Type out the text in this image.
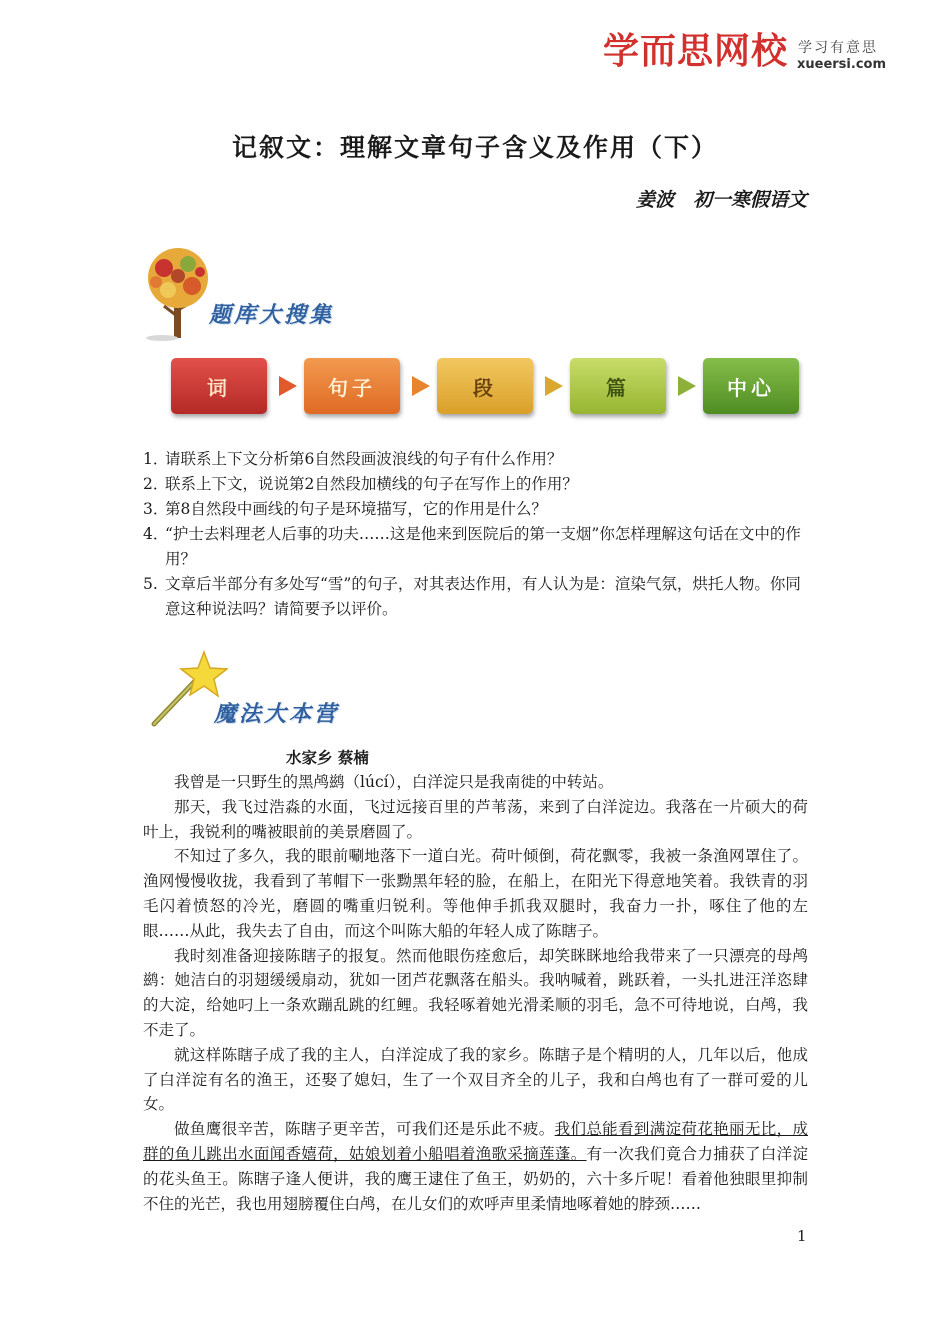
学而思网校 学习有意思
xueersi.com
记叙文：理解文章句子含义及作用（下）
姜波　初一寒假语文
题库大搜集
词	句子	段	篇	中心
1．
请联系上下文分析第6自然段画波浪线的句子有什么作用？
2．
联系上下文，说说第2自然段加横线的句子在写作上的作用？
3．
第8自然段中画线的句子是环境描写，它的作用是什么？
4．
“护士去料理老人后事的功夫……这是他来到医院后的第一支烟”你怎样理解这句话在文中的作用？
5. 文章后半部分有多处写“雪”的句子，对其表达作用，有人认为是：渲染气氛，烘托人物。你同意这种说法吗？请简要予以评价。
魔法大本营
水家乡 蔡楠

我曾是一只野生的黑鸬鹚（lúcí），白洋淀只是我南徙的中转站。

那天，我飞过浩淼的水面，飞过远接百里的芦苇荡，来到了白洋淀边。我落在一片硕大的荷叶上，我锐利的嘴被眼前的美景磨圆了。

不知过了多久，我的眼前唰地落下一道白光。荷叶倾倒，荷花飘零，我被一条渔网罩住了。渔网慢慢收拢，我看到了苇帽下一张黝黑年轻的脸，在船上，在阳光下得意地笑着。我铁青的羽毛闪着愤怒的冷光，磨圆的嘴重归锐利。等他伸手抓我双腿时，我奋力一扑，啄住了他的左眼……从此，我失去了自由，而这个叫陈大船的年轻人成了陈瞎子。

我时刻准备迎接陈瞎子的报复。然而他眼伤痊愈后，却笑眯眯地给我带来了一只漂亮的母鸬鹚：她洁白的羽翅缓缓扇动，犹如一团芦花飘落在船头。我呐喊着，跳跃着，一头扎进汪洋恣肆的大淀，给她叼上一条欢蹦乱跳的红鲤。我轻啄着她光滑柔顺的羽毛，急不可待地说，白鸬，我不走了。

就这样陈瞎子成了我的主人，白洋淀成了我的家乡。陈瞎子是个精明的人，几年以后，他成了白洋淀有名的渔王，还娶了媳妇，生了一个双目齐全的儿子，我和白鸬也有了一群可爱的儿女。

做鱼鹰很辛苦，陈瞎子更辛苦，可我们还是乐此不疲。我们总能看到满淀荷花艳丽无比，成群的鱼儿跳出水面闻香嬉荷，姑娘划着小船唱着渔歌采摘莲蓬。有一次我们竟合力捕获了白洋淀的花头鱼王。陈瞎子逢人便讲，我的鹰王逮住了鱼王，奶奶的，六十多斤呢！看着他独眼里抑制不住的光芒，我也用翅膀覆住白鸬，在儿女们的欢呼声里柔情地啄着她的脖颈……

1
